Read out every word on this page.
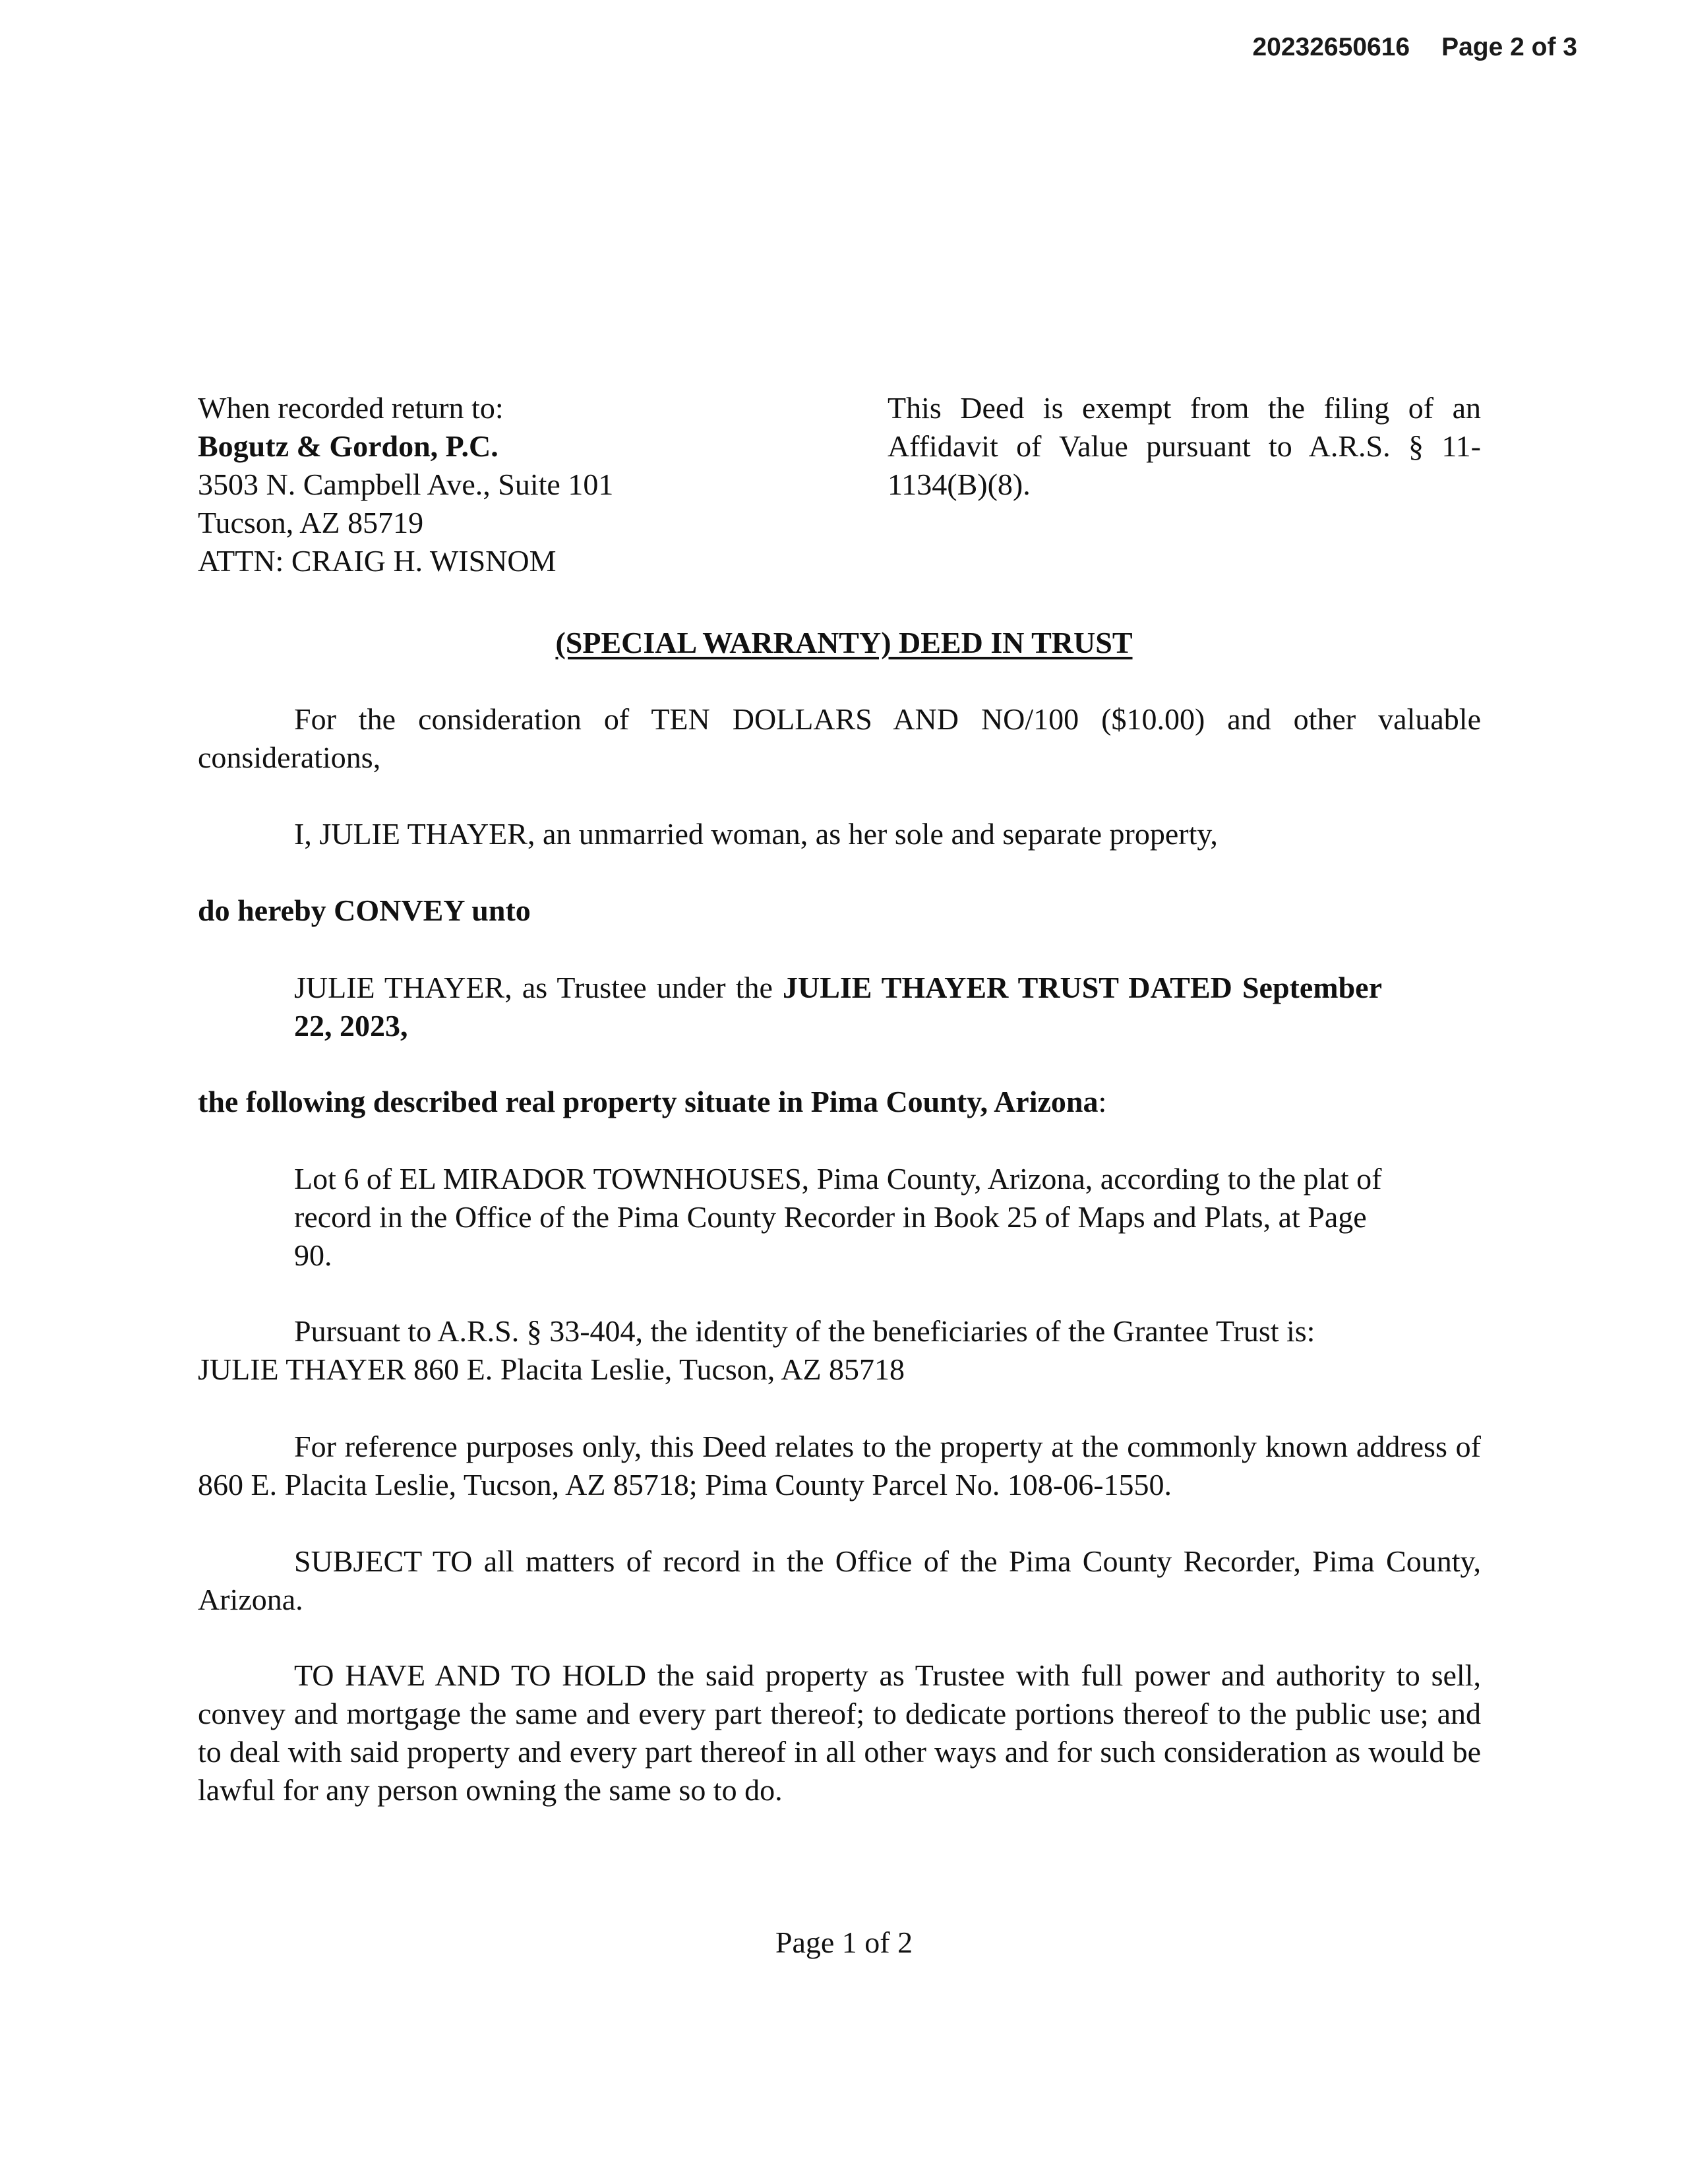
20232650616 Page 2 of 3
When recorded return to:
Bogutz & Gordon, P.C.
3503 N. Campbell Ave., Suite 101
Tucson, AZ 85719
ATTN: CRAIG H. WISNOM
This Deed is exempt from the filing of an Affidavit of Value pursuant to A.R.S. § 11-1134(B)(8).
(SPECIAL WARRANTY) DEED IN TRUST
For the consideration of TEN DOLLARS AND NO/100 ($10.00) and other valuable considerations,
I, JULIE THAYER, an unmarried woman, as her sole and separate property,
do hereby CONVEY unto
JULIE THAYER, as Trustee under the JULIE THAYER TRUST DATED September 22, 2023,
the following described real property situate in Pima County, Arizona:
Lot 6 of EL MIRADOR TOWNHOUSES, Pima County, Arizona, according to the plat of record in the Office of the Pima County Recorder in Book 25 of Maps and Plats, at Page 90.
Pursuant to A.R.S. § 33-404, the identity of the beneficiaries of the Grantee Trust is:
JULIE THAYER 860 E. Placita Leslie, Tucson, AZ 85718
For reference purposes only, this Deed relates to the property at the commonly known address of 860 E. Placita Leslie, Tucson, AZ 85718; Pima County Parcel No. 108-06-1550.
SUBJECT TO all matters of record in the Office of the Pima County Recorder, Pima County, Arizona.
TO HAVE AND TO HOLD the said property as Trustee with full power and authority to sell, convey and mortgage the same and every part thereof; to dedicate portions thereof to the public use; and to deal with said property and every part thereof in all other ways and for such consideration as would be lawful for any person owning the same so to do.
Page 1 of 2
